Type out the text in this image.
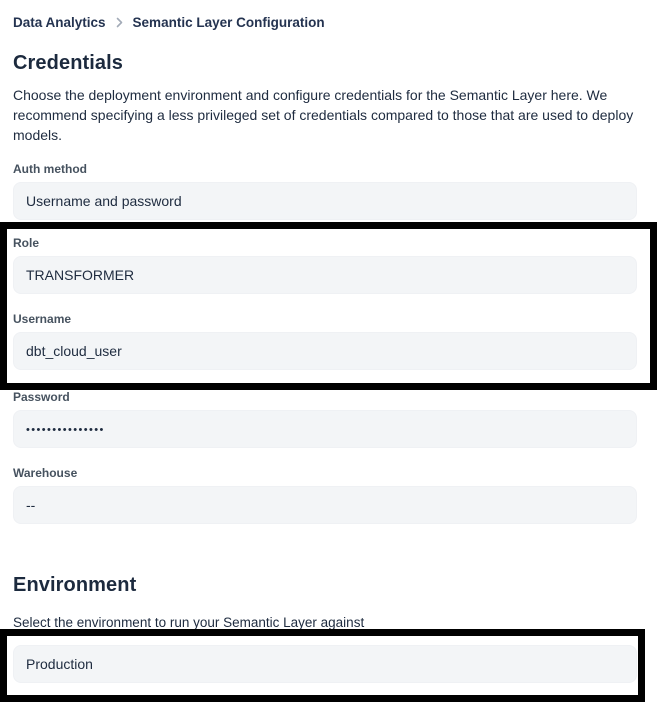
Data Analytics Semantic Layer Configuration
Credentials
Choose the deployment environment and configure credentials for the Semantic Layer here. We
recommend specifying a less privileged set of credentials compared to those that are used to deploy
models.
Auth method
Username and password
Role
TRANSFORMER
Username
dbt_cloud_user
Password
•••••••••••••••
Warehouse
--
Environment
Select the environment to run your Semantic Layer against
Production
